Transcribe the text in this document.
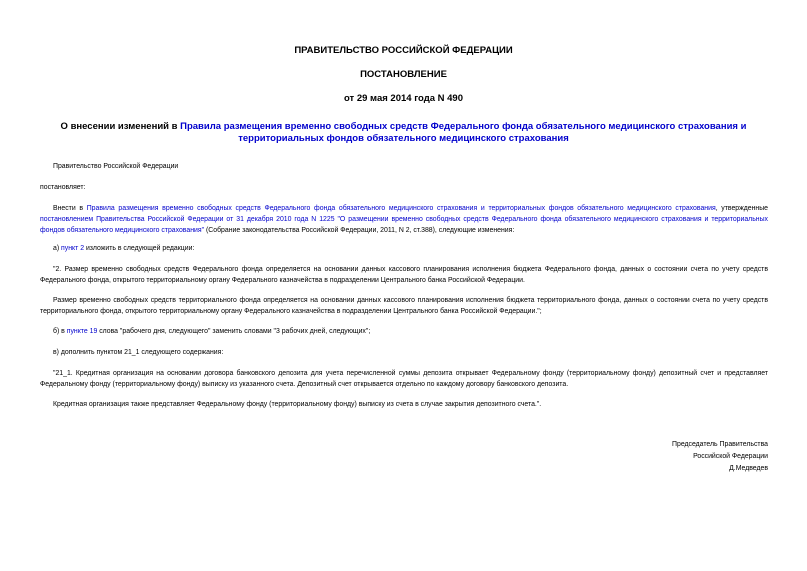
ПРАВИТЕЛЬСТВО РОССИЙСКОЙ ФЕДЕРАЦИИ
ПОСТАНОВЛЕНИЕ
от 29 мая 2014 года N 490
О внесении изменений в Правила размещения временно свободных средств Федерального фонда обязательного медицинского страхования и территориальных фондов обязательного медицинского страхования
Правительство Российской Федерации
постановляет:
Внести в Правила размещения временно свободных средств Федерального фонда обязательного медицинского страхования и территориальных фондов обязательного медицинского страхования, утвержденные постановлением Правительства Российской Федерации от 31 декабря 2010 года N 1225 "О размещении временно свободных средств Федерального фонда обязательного медицинского страхования и территориальных фондов обязательного медицинского страхования" (Собрание законодательства Российской Федерации, 2011, N 2, ст.388), следующие изменения:
а) пункт 2 изложить в следующей редакции:
"2. Размер временно свободных средств Федерального фонда определяется на основании данных кассового планирования исполнения бюджета Федерального фонда, данных о состоянии счета по учету средств Федерального фонда, открытого территориальному органу Федерального казначейства в подразделении Центрального банка Российской Федерации.
Размер временно свободных средств территориального фонда определяется на основании данных кассового планирования исполнения бюджета территориального фонда, данных о состоянии счета по учету средств территориального фонда, открытого территориальному органу Федерального казначейства в подразделении Центрального банка Российской Федерации.";
б) в пункте 19 слова "рабочего дня, следующего" заменить словами "3 рабочих дней, следующих";
в) дополнить пунктом 21_1 следующего содержания:
"21_1. Кредитная организация на основании договора банковского депозита для учета перечисленной суммы депозита открывает Федеральному фонду (территориальному фонду) депозитный счет и представляет Федеральному фонду (территориальному фонду) выписку из указанного счета. Депозитный счет открывается отдельно по каждому договору банковского депозита.
Кредитная организация также представляет Федеральному фонду (территориальному фонду) выписку из счета в случае закрытия депозитного счета.".
Председатель Правительства
Российской Федерации
Д.Медведев
